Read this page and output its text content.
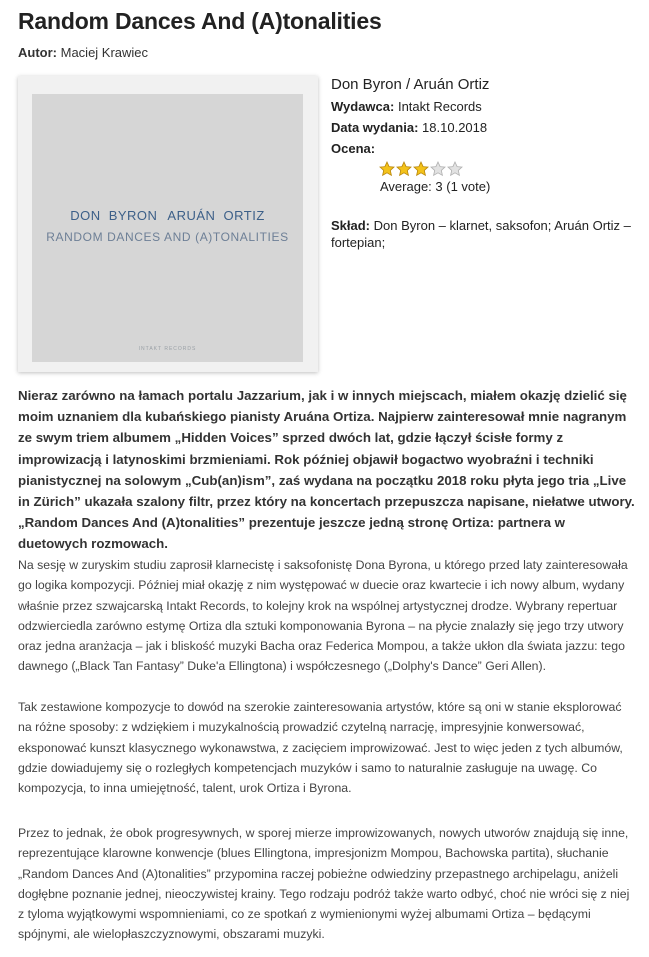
Random Dances And (A)tonalities
Autor: Maciej Krawiec
DON BYRON ARUÁN ORTIZ
RANDOM DANCES AND (A)TONALITIES
INTAKT RECORDS
Don Byron / Aruán Ortiz
Wydawca: Intakt Records
Data wydania: 18.10.2018
Ocena:
Average: 3 (1 vote)
Skład: Don Byron – klarnet, saksofon; Aruán Ortiz – fortepian;

Nieraz zarówno na łamach portalu Jazzarium, jak i w innych miejscach, miałem okazję dzielić się moim uznaniem dla kubańskiego pianisty Aruána Ortiza. Najpierw zainteresował mnie nagranym ze swym triem albumem „Hidden Voices” sprzed dwóch lat, gdzie łączył ścisłe formy z improwizacją i latynoskimi brzmieniami. Rok później objawił bogactwo wyobraźni i techniki pianistycznej na solowym „Cub(an)ism”, zaś wydana na początku 2018 roku płyta jego tria „Live in Zürich” ukazała szalony filtr, przez który na koncertach przepuszcza napisane, niełatwe utwory. „Random Dances And (A)tonalities” prezentuje jeszcze jedną stronę Ortiza: partnera w duetowych rozmowach.

Na sesję w zuryskim studiu zaprosił klarnecistę i saksofonistę Dona Byrona, u którego przed laty zainteresowała go logika kompozycji. Później miał okazję z nim występować w duecie oraz kwartecie i ich nowy album, wydany właśnie przez szwajcarską Intakt Records, to kolejny krok na wspólnej artystycznej drodze. Wybrany repertuar odzwierciedla zarówno estymę Ortiza dla sztuki komponowania Byrona – na płycie znalazły się jego trzy utwory oraz jedna aranżacja – jak i bliskość muzyki Bacha oraz Federica Mompou, a także ukłon dla świata jazzu: tego dawnego („Black Tan Fantasy” Duke'a Ellingtona) i współczesnego („Dolphy's Dance” Geri Allen).

Tak zestawione kompozycje to dowód na szerokie zainteresowania artystów, które są oni w stanie eksplorować na różne sposoby: z wdziękiem i muzykalnością prowadzić czytelną narrację, impresyjnie konwersować, eksponować kunszt klasycznego wykonawstwa, z zacięciem improwizować. Jest to więc jeden z tych albumów, gdzie dowiadujemy się o rozległych kompetencjach muzyków i samo to naturalnie zasługuje na uwagę. Co kompozycja, to inna umiejętność, talent, urok Ortiza i Byrona.

Przez to jednak, że obok progresywnych, w sporej mierze improwizowanych, nowych utworów znajdują się inne, reprezentujące klarowne konwencje (blues Ellingtona, impresjonizm Mompou, Bachowska partita), słuchanie „Random Dances And (A)tonalities” przypomina raczej pobieżne odwiedziny przepastnego archipelagu, aniżeli dogłębne poznanie jednej, nieoczywistej krainy. Tego rodzaju podróż także warto odbyć, choć nie wróci się z niej z tyloma wyjątkowymi wspomnieniami, co ze spotkań z wymienionymi wyżej albumami Ortiza – będącymi spójnymi, ale wielopłaszczyznowymi, obszarami muzyki.
